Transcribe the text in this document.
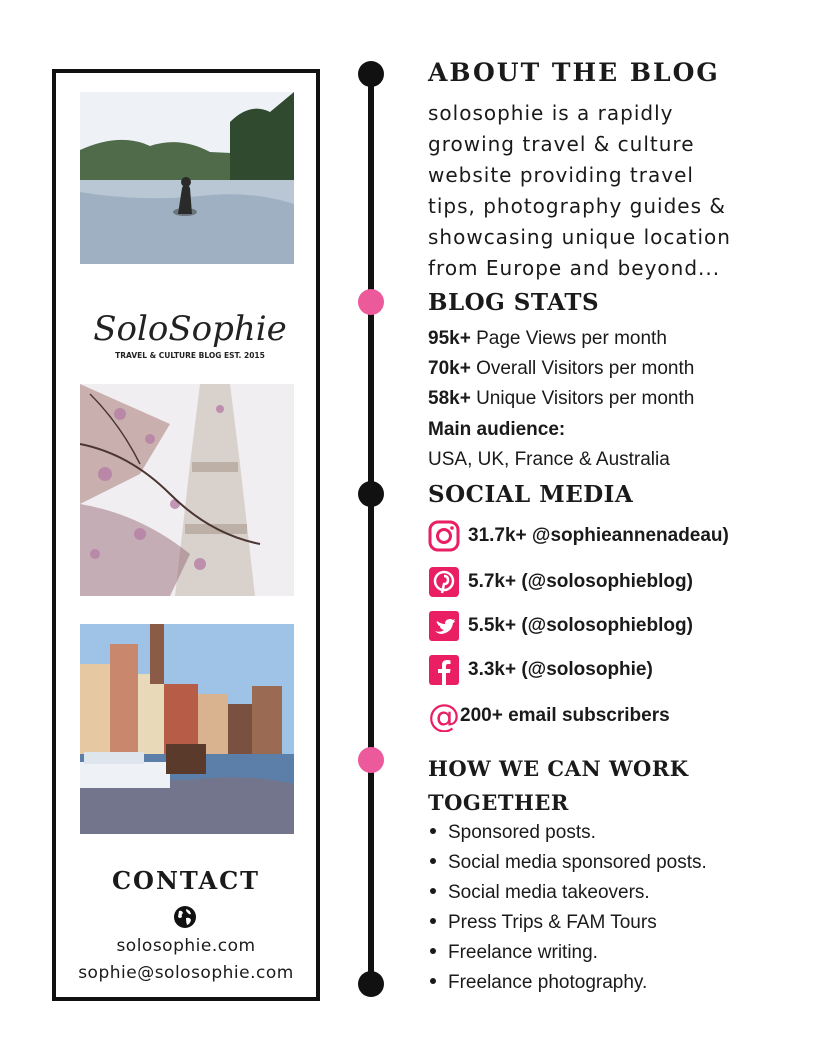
SoloSophie
TRAVEL & CULTURE BLOG EST. 2015
CONTACT
solosophie.com
sophie@solosophie.com
ABOUT THE BLOG
solosophie is a rapidly
growing travel & culture
website providing travel
tips, photography guides &
showcasing unique location
from Europe and beyond...
BLOG STATS
95k+ Page Views per month
70k+ Overall Visitors per month
58k+ Unique Visitors per month
Main audience:
USA, UK, France & Australia
SOCIAL MEDIA
31.7k+ @sophieannenadeau)
5.7k+ (@solosophieblog)
5.5k+ (@solosophieblog)
3.3k+ (@solosophie)
@ 200+ email subscribers
HOW WE CAN WORK
TOGETHER
Sponsored posts.
Social media sponsored posts.
Social media takeovers.
Press Trips & FAM Tours
Freelance writing.
Freelance photography.
